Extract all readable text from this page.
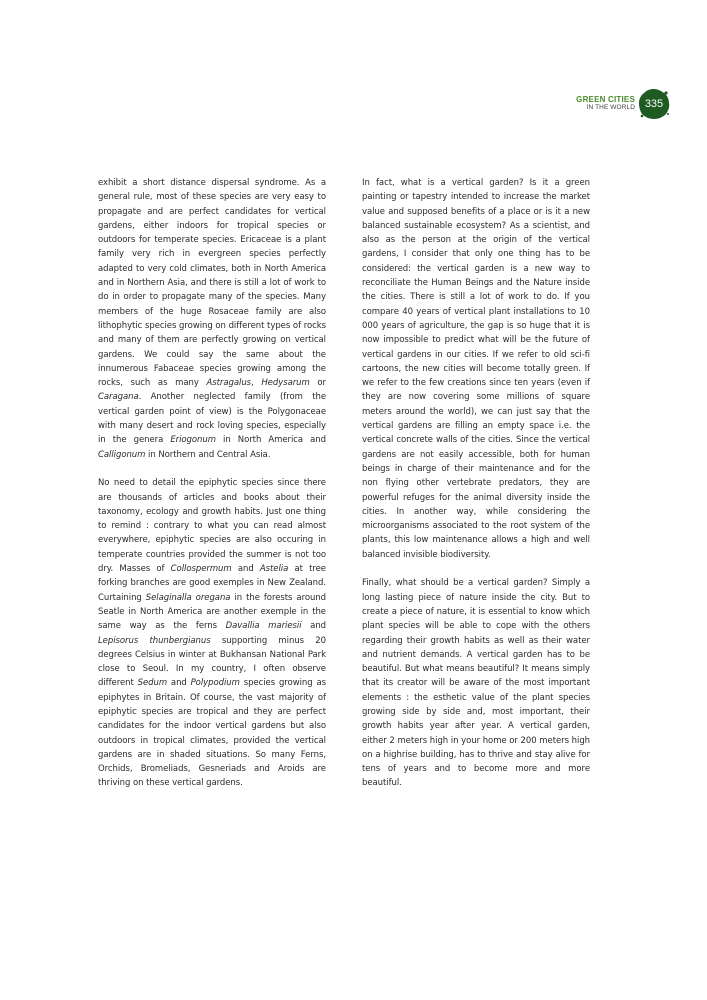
GREEN CITIES
IN THE WORLD 335

exhibit a short distance dispersal syndrome. As a general rule, most of these species are very easy to propagate and are perfect candidates for vertical gardens, either indoors for tropical species or outdoors for temperate species. Ericaceae is a plant family very rich in evergreen species perfectly adapted to very cold climates, both in North America and in Northern Asia, and there is still a lot of work to do in order to propagate many of the species. Many members of the huge Rosaceae family are also lithophytic species growing on different types of rocks and many of them are perfectly growing on vertical gardens. We could say the same about the innumerous Fabaceae species growing among the rocks, such as many Astragalus, Hedysarum or Caragana. Another neglected family (from the vertical garden point of view) is the Polygonaceae with many desert and rock loving species, especially in the genera Eriogonum in North America and Calligonum in Northern and Central Asia.

No need to detail the epiphytic species since there are thousands of articles and books about their taxonomy, ecology and growth habits. Just one thing to remind : contrary to what you can read almost everywhere, epiphytic species are also occuring in temperate countries provided the summer is not too dry. Masses of Collospermum and Astelia at tree forking branches are good exemples in New Zealand. Curtaining Selaginalla oregana in the forests around Seatle in North America are another exemple in the same way as the ferns Davallia mariesii and Lepisorus thunbergianus supporting minus 20 degrees Celsius in winter at Bukhansan National Park close to Seoul. In my country, I often observe different Sedum and Polypodium species growing as epiphytes in Britain. Of course, the vast majority of epiphytic species are tropical and they are perfect candidates for the indoor vertical gardens but also outdoors in tropical climates, provided the vertical gardens are in shaded situations. So many Ferns, Orchids, Bromeliads, Gesneriads and Aroids are thriving on these vertical gardens.

In fact, what is a vertical garden? Is it a green painting or tapestry intended to increase the market value and supposed benefits of a place or is it a new balanced sustainable ecosystem? As a scientist, and also as the person at the origin of the vertical gardens, I consider that only one thing has to be considered: the vertical garden is a new way to reconciliate the Human Beings and the Nature inside the cities. There is still a lot of work to do. If you compare 40 years of vertical plant installations to 10 000 years of agriculture, the gap is so huge that it is now impossible to predict what will be the future of vertical gardens in our cities. If we refer to old sci-fi cartoons, the new cities will become totally green. If we refer to the few creations since ten years (even if they are now covering some millions of square meters around the world), we can just say that the vertical gardens are filling an empty space i.e. the vertical concrete walls of the cities. Since the vertical gardens are not easily accessible, both for human beings in charge of their maintenance and for the non flying other vertebrate predators, they are powerful refuges for the animal diversity inside the cities. In another way, while considering the microorganisms associated to the root system of the plants, this low maintenance allows a high and well balanced invisible biodiversity.

Finally, what should be a vertical garden? Simply a long lasting piece of nature inside the city. But to create a piece of nature, it is essential to know which plant species will be able to cope with the others regarding their growth habits as well as their water and nutrient demands. A vertical garden has to be beautiful. But what means beautiful? It means simply that its creator will be aware of the most important elements : the esthetic value of the plant species growing side by side and, most important, their growth habits year after year. A vertical garden, either 2 meters high in your home or 200 meters high on a highrise building, has to thrive and stay alive for tens of years and to become more and more beautiful.
